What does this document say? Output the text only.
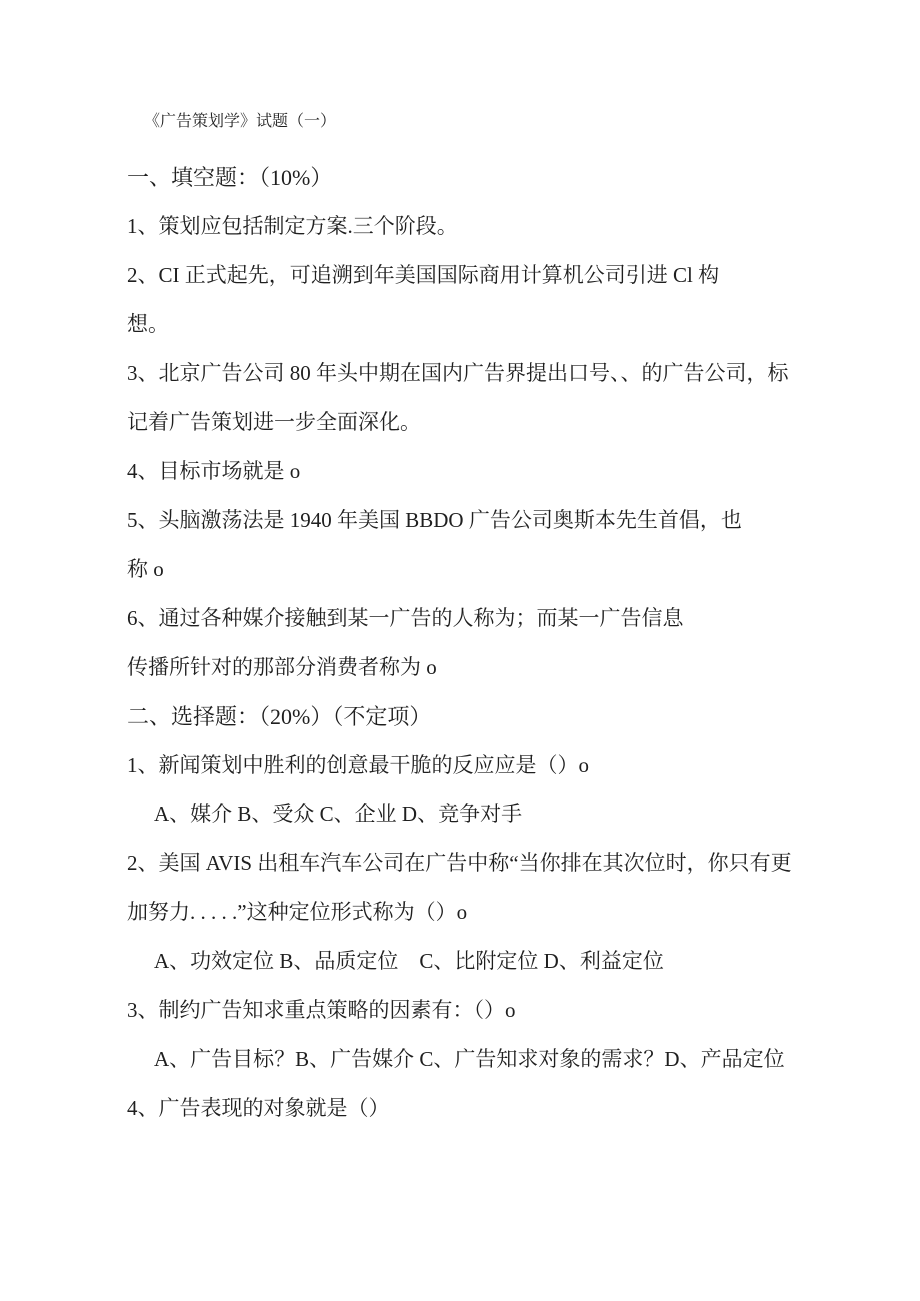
《广告策划学》试题（一）
一、填空题：（10%）
1、策划应包括制定方案.三个阶段。
2、CI 正式起先，可追溯到年美国国际商用计算机公司引进 Cl 构
想。
3、北京广告公司 80 年头中期在国内广告界提出口号、、的广告公司，标
记着广告策划进一步全面深化。
4、目标市场就是 o
5、头脑激荡法是 1940 年美国 BBDO 广告公司奥斯本先生首倡，也
称 o
6、通过各种媒介接触到某一广告的人称为；而某一广告信息
传播所针对的那部分消费者称为 o
二、选择题：（20%）（不定项）
1、新闻策划中胜利的创意最干脆的反应应是（）o
A、媒介 B、受众 C、企业 D、竞争对手
2、美国 AVIS 出租车汽车公司在广告中称“当你排在其次位时，你只有更
加努力. . . . .”这种定位形式称为（）o
A、功效定位 B、品质定位    C、比附定位 D、利益定位
3、制约广告知求重点策略的因素有：（）o
A、广告目标？B、广告媒介 C、广告知求对象的需求？D、产品定位
4、广告表现的对象就是（）
